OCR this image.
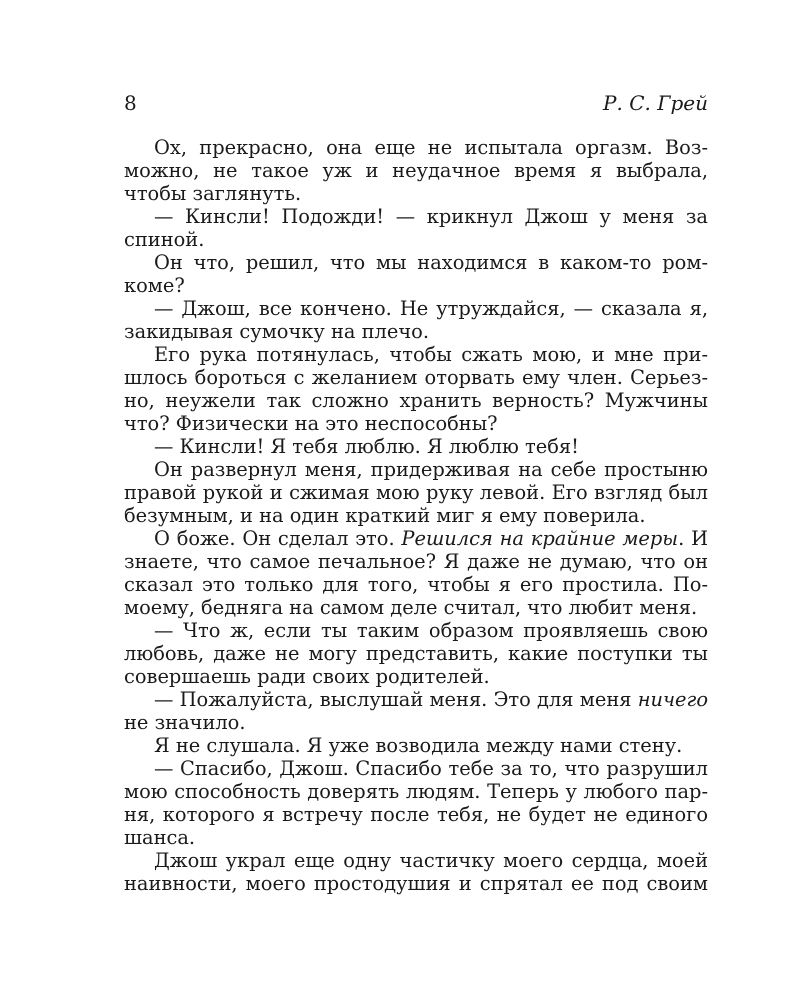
8	Р. С. Грей

Ох, прекрасно, она еще не испытала оргазм. Возможно, не такое уж и неудачное время я выбрала, чтобы заглянуть.

— Кинсли! Подожди! — крикнул Джош у меня за спиной.

Он что, решил, что мы находимся в каком-то ромкоме?

— Джош, все кончено. Не утруждайся, — сказала я, закидывая сумочку на плечо.

Его рука потянулась, чтобы сжать мою, и мне пришлось бороться с желанием оторвать ему член. Серьезно, неужели так сложно хранить верность? Мужчины что? Физически на это неспособны?

— Кинсли! Я тебя люблю. Я люблю тебя!

Он развернул меня, придерживая на себе простыню правой рукой и сжимая мою руку левой. Его взгляд был безумным, и на один краткий миг я ему поверила.

О боже. Он сделал это. Решился на крайние меры. И знаете, что самое печальное? Я даже не думаю, что он сказал это только для того, чтобы я его простила. Помоему, бедняга на самом деле считал, что любит меня.

— Что ж, если ты таким образом проявляешь свою любовь, даже не могу представить, какие поступки ты совершаешь ради своих родителей.

— Пожалуйста, выслушай меня. Это для меня ничего не значило.

Я не слушала. Я уже возводила между нами стену.

— Спасибо, Джош. Спасибо тебе за то, что разрушил мою способность доверять людям. Теперь у любого парня, которого я встречу после тебя, не будет не единого шанса.

Джош украл еще одну частичку моего сердца, моей наивности, моего простодушия и спрятал ее под своим
